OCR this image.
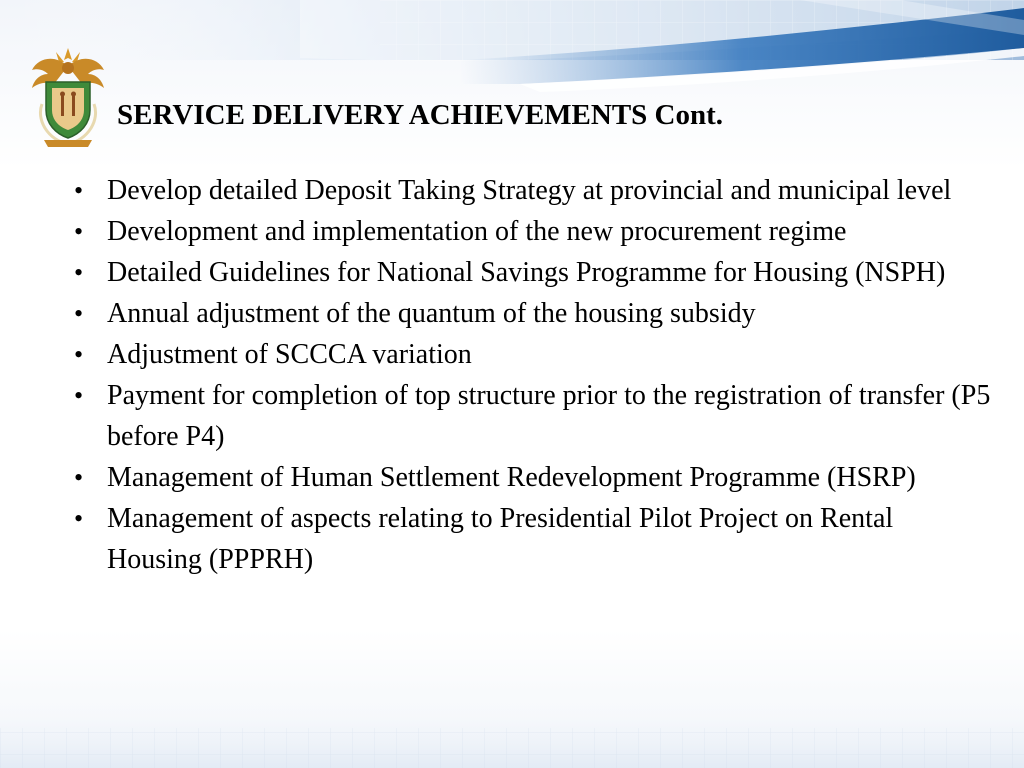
SERVICE DELIVERY ACHIEVEMENTS Cont.
• Develop detailed Deposit Taking Strategy at provincial and municipal level
• Development and implementation of the new procurement regime
• Detailed Guidelines for National Savings Programme for Housing (NSPH)
• Annual adjustment of the quantum of the housing subsidy
• Adjustment of SCCCA variation
• Payment for completion of top structure prior to the registration of transfer (P5 before P4)
• Management of Human Settlement Redevelopment Programme (HSRP)
• Management of aspects relating to Presidential Pilot Project on Rental Housing (PPPRH)
